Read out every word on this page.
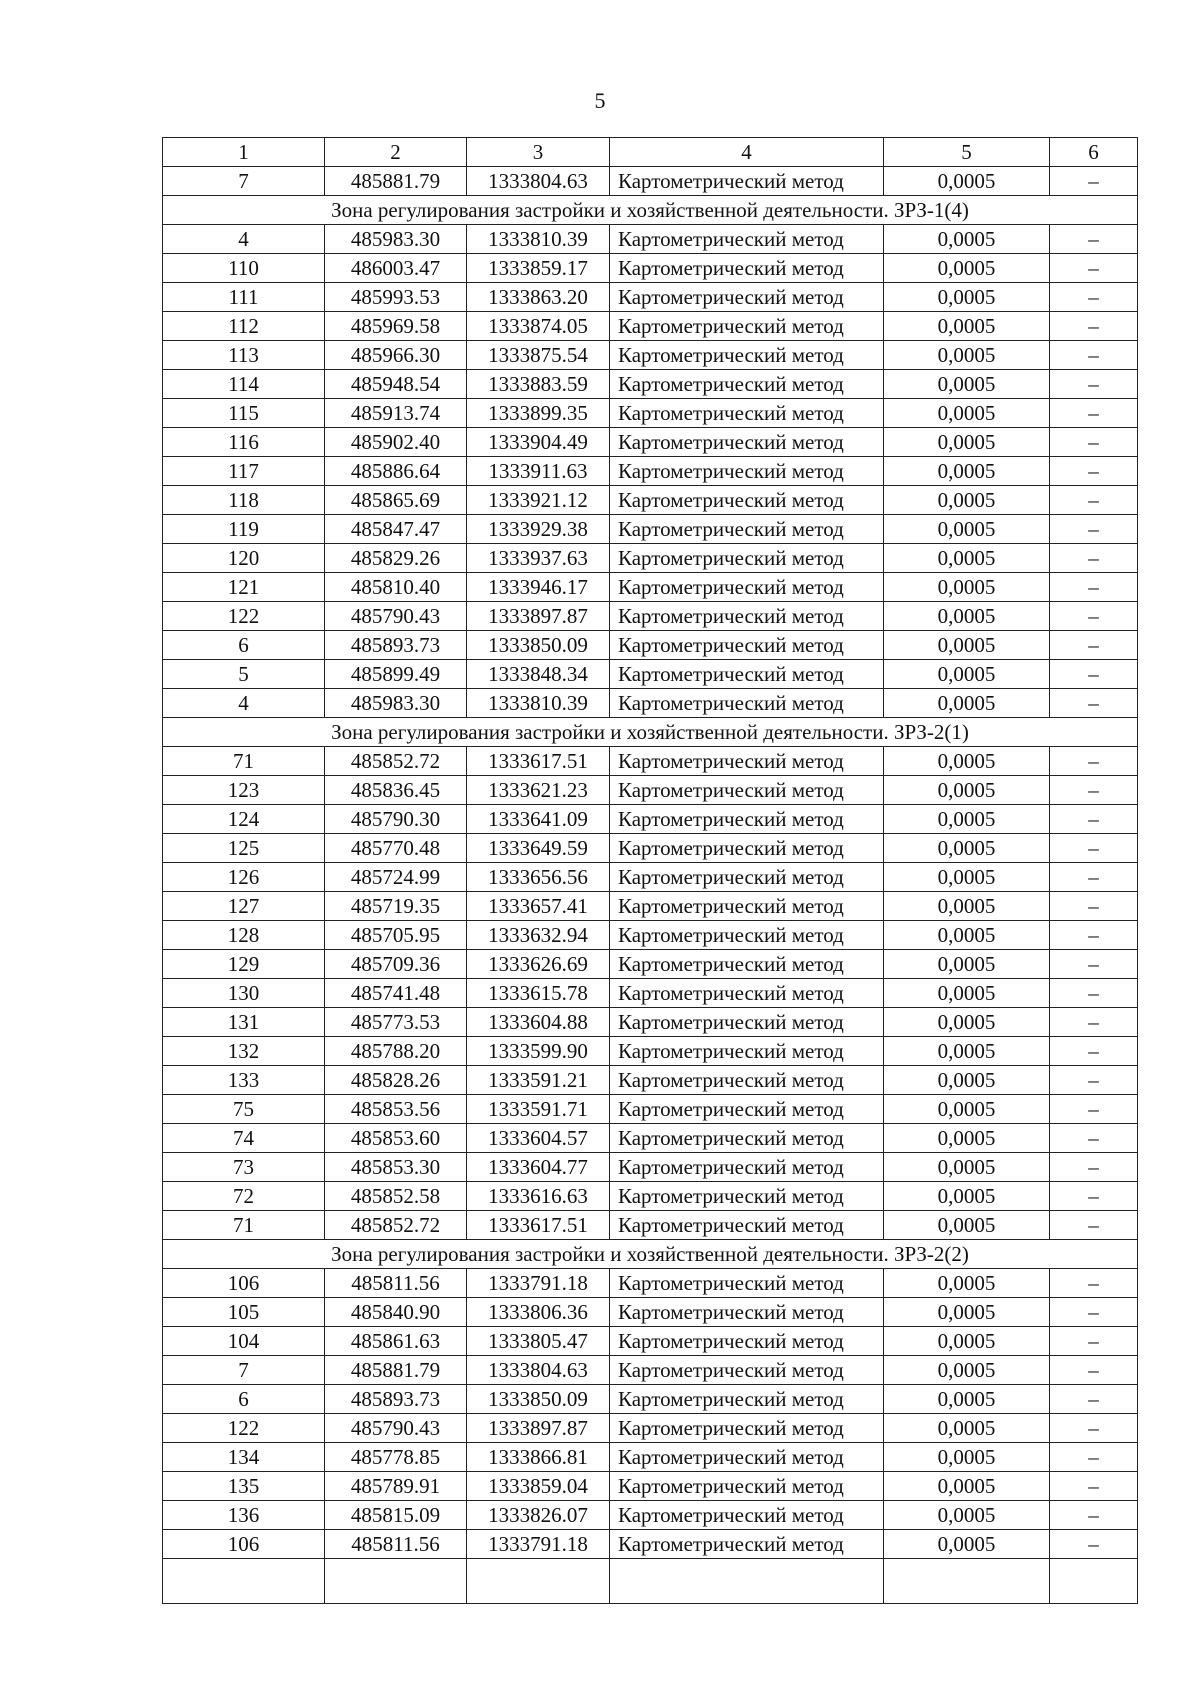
5
1	2	3	4	5	6
7	485881.79	1333804.63	Картометрический метод	0,0005	–
Зона регулирования застройки и хозяйственной деятельности. ЗРЗ-1(4)					
4	485983.30	1333810.39	Картометрический метод	0,0005	–
110	486003.47	1333859.17	Картометрический метод	0,0005	–
111	485993.53	1333863.20	Картометрический метод	0,0005	–
112	485969.58	1333874.05	Картометрический метод	0,0005	–
113	485966.30	1333875.54	Картометрический метод	0,0005	–
114	485948.54	1333883.59	Картометрический метод	0,0005	–
115	485913.74	1333899.35	Картометрический метод	0,0005	–
116	485902.40	1333904.49	Картометрический метод	0,0005	–
117	485886.64	1333911.63	Картометрический метод	0,0005	–
118	485865.69	1333921.12	Картометрический метод	0,0005	–
119	485847.47	1333929.38	Картометрический метод	0,0005	–
120	485829.26	1333937.63	Картометрический метод	0,0005	–
121	485810.40	1333946.17	Картометрический метод	0,0005	–
122	485790.43	1333897.87	Картометрический метод	0,0005	–
6	485893.73	1333850.09	Картометрический метод	0,0005	–
5	485899.49	1333848.34	Картометрический метод	0,0005	–
4	485983.30	1333810.39	Картометрический метод	0,0005	–
Зона регулирования застройки и хозяйственной деятельности. ЗРЗ-2(1)					
71	485852.72	1333617.51	Картометрический метод	0,0005	–
123	485836.45	1333621.23	Картометрический метод	0,0005	–
124	485790.30	1333641.09	Картометрический метод	0,0005	–
125	485770.48	1333649.59	Картометрический метод	0,0005	–
126	485724.99	1333656.56	Картометрический метод	0,0005	–
127	485719.35	1333657.41	Картометрический метод	0,0005	–
128	485705.95	1333632.94	Картометрический метод	0,0005	–
129	485709.36	1333626.69	Картометрический метод	0,0005	–
130	485741.48	1333615.78	Картометрический метод	0,0005	–
131	485773.53	1333604.88	Картометрический метод	0,0005	–
132	485788.20	1333599.90	Картометрический метод	0,0005	–
133	485828.26	1333591.21	Картометрический метод	0,0005	–
75	485853.56	1333591.71	Картометрический метод	0,0005	–
74	485853.60	1333604.57	Картометрический метод	0,0005	–
73	485853.30	1333604.77	Картометрический метод	0,0005	–
72	485852.58	1333616.63	Картометрический метод	0,0005	–
71	485852.72	1333617.51	Картометрический метод	0,0005	–
Зона регулирования застройки и хозяйственной деятельности. ЗРЗ-2(2)					
106	485811.56	1333791.18	Картометрический метод	0,0005	–
105	485840.90	1333806.36	Картометрический метод	0,0005	–
104	485861.63	1333805.47	Картометрический метод	0,0005	–
7	485881.79	1333804.63	Картометрический метод	0,0005	–
6	485893.73	1333850.09	Картометрический метод	0,0005	–
122	485790.43	1333897.87	Картометрический метод	0,0005	–
134	485778.85	1333866.81	Картометрический метод	0,0005	–
135	485789.91	1333859.04	Картометрический метод	0,0005	–
136	485815.09	1333826.07	Картометрический метод	0,0005	–
106	485811.56	1333791.18	Картометрический метод	0,0005	–
